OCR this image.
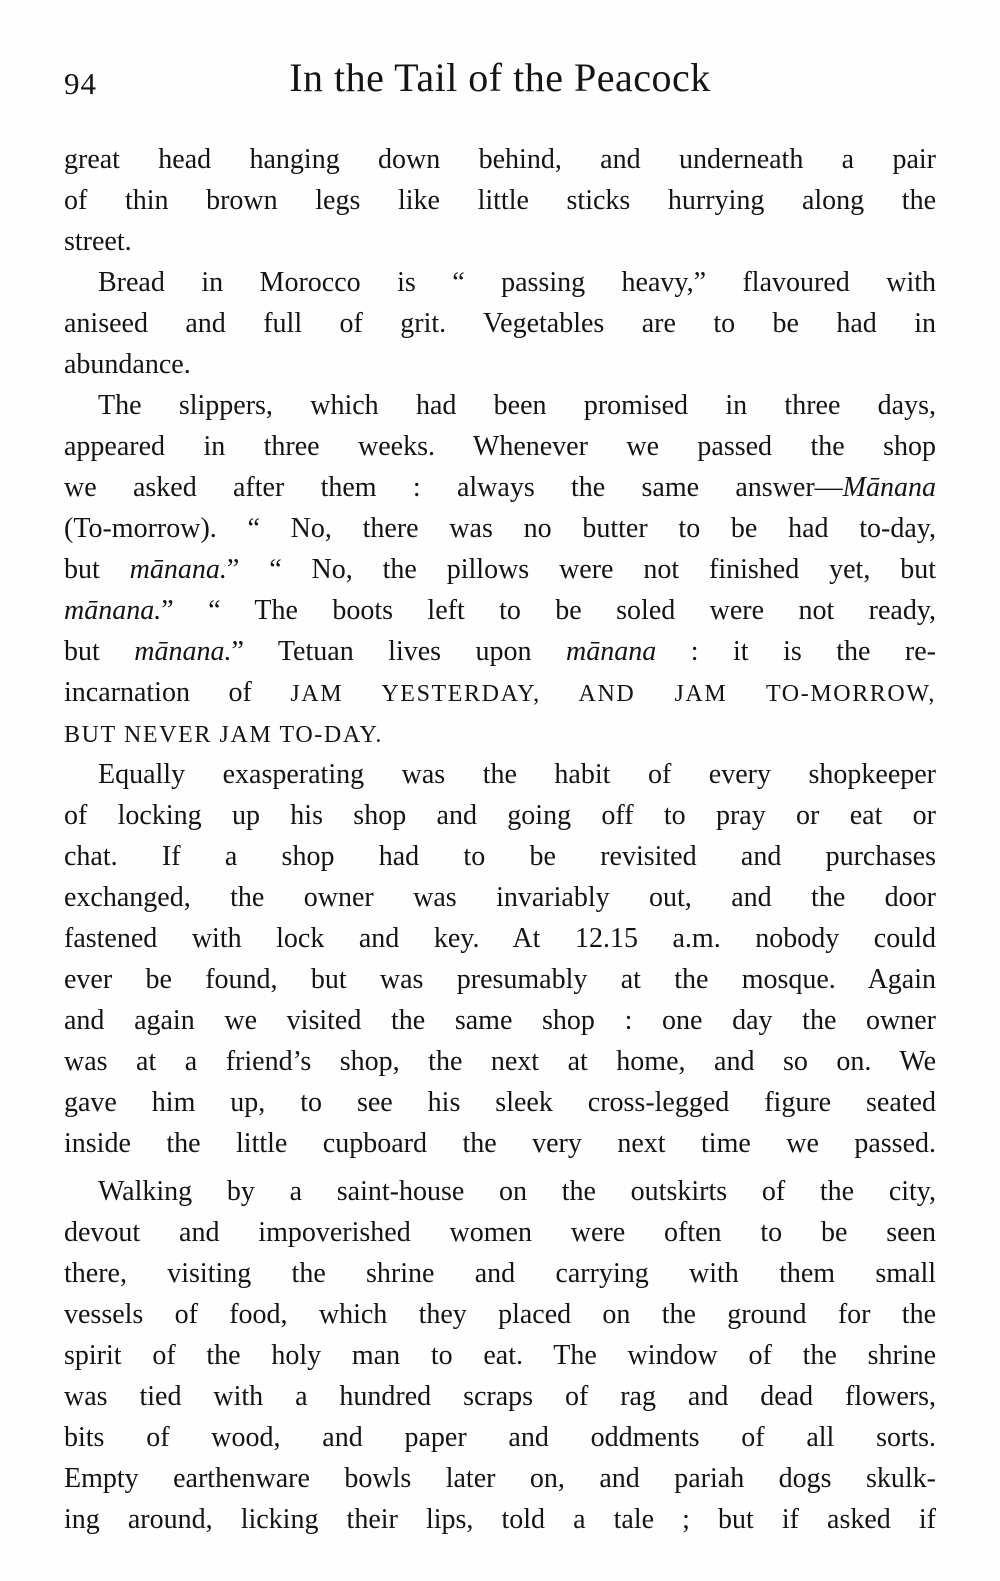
94	In the Tail of the Peacock
great head hanging down behind, and underneath a pair
of thin brown legs like little sticks hurrying along the
street.
Bread in Morocco is “ passing heavy,” flavoured with
aniseed and full of grit. Vegetables are to be had in
abundance.
The slippers, which had been promised in three days,
appeared in three weeks. Whenever we passed the shop
we asked after them : always the same answer—Mānana
(To-morrow). “ No, there was no butter to be had to-day,
but mānana.” “ No, the pillows were not finished yet, but
mānana.” “ The boots left to be soled were not ready,
but mānana.” Tetuan lives upon mānana : it is the re-
incarnation of JAM YESTERDAY, AND JAM TO-MORROW,
BUT NEVER JAM TO-DAY.
Equally exasperating was the habit of every shopkeeper
of locking up his shop and going off to pray or eat or
chat. If a shop had to be revisited and purchases
exchanged, the owner was invariably out, and the door
fastened with lock and key. At 12.15 a.m. nobody could
ever be found, but was presumably at the mosque. Again
and again we visited the same shop : one day the owner
was at a friend’s shop, the next at home, and so on. We
gave him up, to see his sleek cross-legged figure seated
inside the little cupboard the very next time we passed.
Walking by a saint-house on the outskirts of the city,
devout and impoverished women were often to be seen
there, visiting the shrine and carrying with them small
vessels of food, which they placed on the ground for the
spirit of the holy man to eat. The window of the shrine
was tied with a hundred scraps of rag and dead flowers,
bits of wood, and paper and oddments of all sorts.
Empty earthenware bowls later on, and pariah dogs skulk-
ing around, licking their lips, told a tale ; but if asked if
